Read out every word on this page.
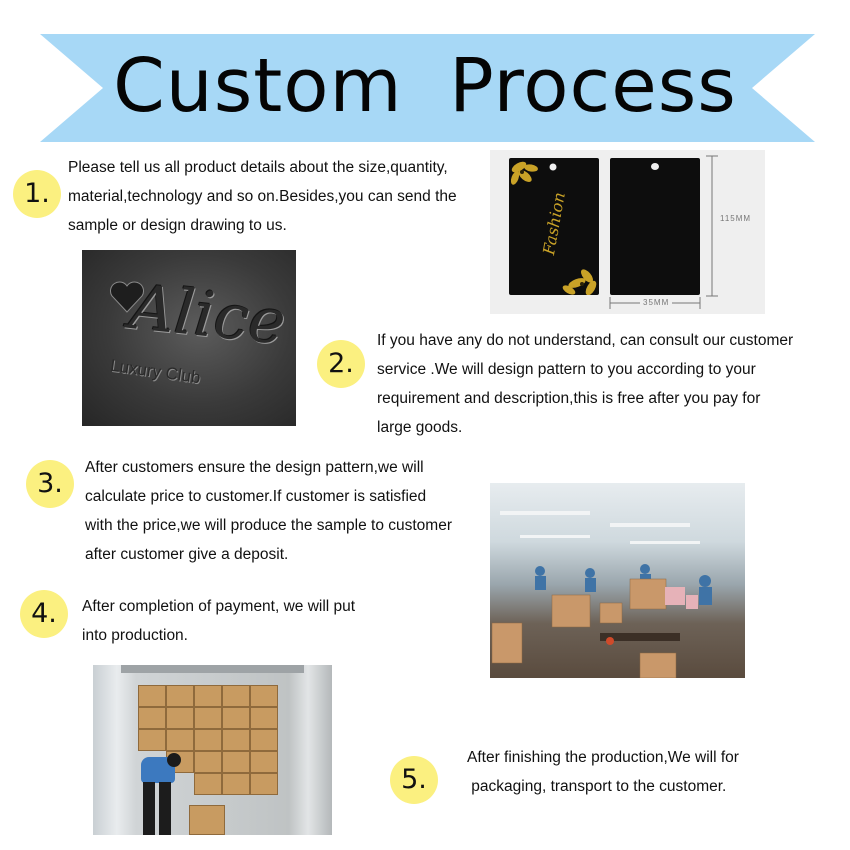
Custom Process
1.
Please tell us all product details about the size,quantity,
material,technology and so on.Besides,you can send the
sample or design drawing to us.	Fashion	115MM
35MM
Alice
Luxury Club	2.
If you have any do not understand, can consult our customer
service .We will design pattern to you according to your
requirement and description,this is free after you pay for
large goods.
3.
After customers ensure the design pattern,we will
calculate price to customer.If customer is satisfied
with the price,we will produce the sample to customer
after customer give a deposit.
4.	After completion of payment, we will put
into production.
5.
After finishing the production,We will for
packaging, transport to the customer.
